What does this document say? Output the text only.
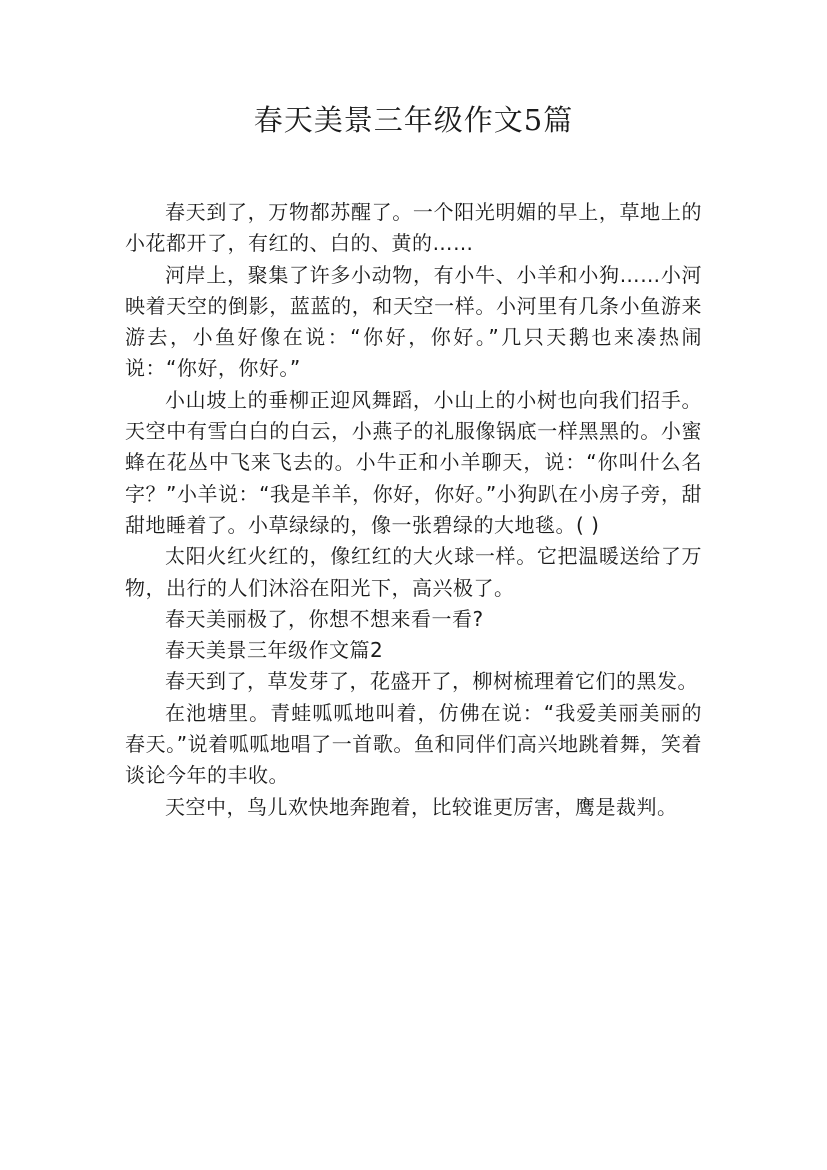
春天美景三年级作文5篇

春天到了，万物都苏醒了。一个阳光明媚的早上，草地上的小花都开了，有红的、白的、黄的……

河岸上，聚集了许多小动物，有小牛、小羊和小狗……小河映着天空的倒影，蓝蓝的，和天空一样。小河里有几条小鱼游来游去，小鱼好像在说：“你好，你好。”几只天鹅也来凑热闹说：“你好，你好。”

小山坡上的垂柳正迎风舞蹈，小山上的小树也向我们招手。天空中有雪白白的白云，小燕子的礼服像锅底一样黑黑的。小蜜蜂在花丛中飞来飞去的。小牛正和小羊聊天，说：“你叫什么名字？”小羊说：“我是羊羊，你好，你好。”小狗趴在小房子旁，甜甜地睡着了。小草绿绿的，像一张碧绿的大地毯。( )

太阳火红火红的，像红红的大火球一样。它把温暖送给了万物，出行的人们沐浴在阳光下，高兴极了。

春天美丽极了，你想不想来看一看?

春天美景三年级作文篇2

春天到了，草发芽了，花盛开了，柳树梳理着它们的黑发。

在池塘里。青蛙呱呱地叫着，仿佛在说：“我爱美丽美丽的春天。”说着呱呱地唱了一首歌。鱼和同伴们高兴地跳着舞，笑着谈论今年的丰收。

天空中，鸟儿欢快地奔跑着，比较谁更厉害，鹰是裁判。
